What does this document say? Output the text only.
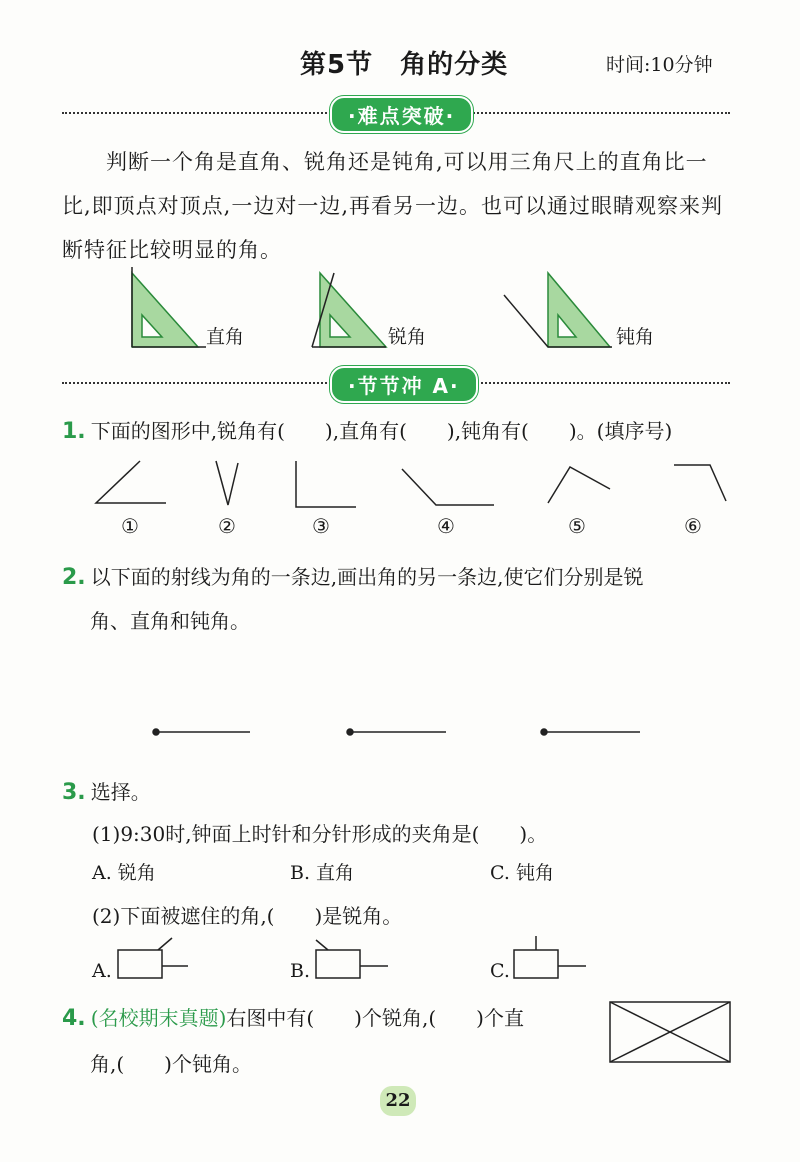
第5节　角的分类	时间:10分钟
·难点突破·
判断一个角是直角、锐角还是钝角,可以用三角尺上的直角比一比,即顶点对顶点,一边对一边,再看另一边。也可以通过眼睛观察来判断特征比较明显的角。
直角	锐角	钝角
·节节冲 A·
1. 下面的图形中,锐角有(　　),直角有(　　),钝角有(　　)。(填序号)
①	②	③	④	⑤	⑥
2. 以下面的射线为角的一条边,画出角的另一条边,使它们分别是锐
角、直角和钝角。
3. 选择。
(1)9:30时,钟面上时针和分针形成的夹角是(　　)。
A. 锐角	B. 直角	C. 钝角
(2)下面被遮住的角,(　　)是锐角。
A.	B.	C.
4. (名校期末真题)右图中有(　　)个锐角,(　　)个直
角,(　　)个钝角。
22
